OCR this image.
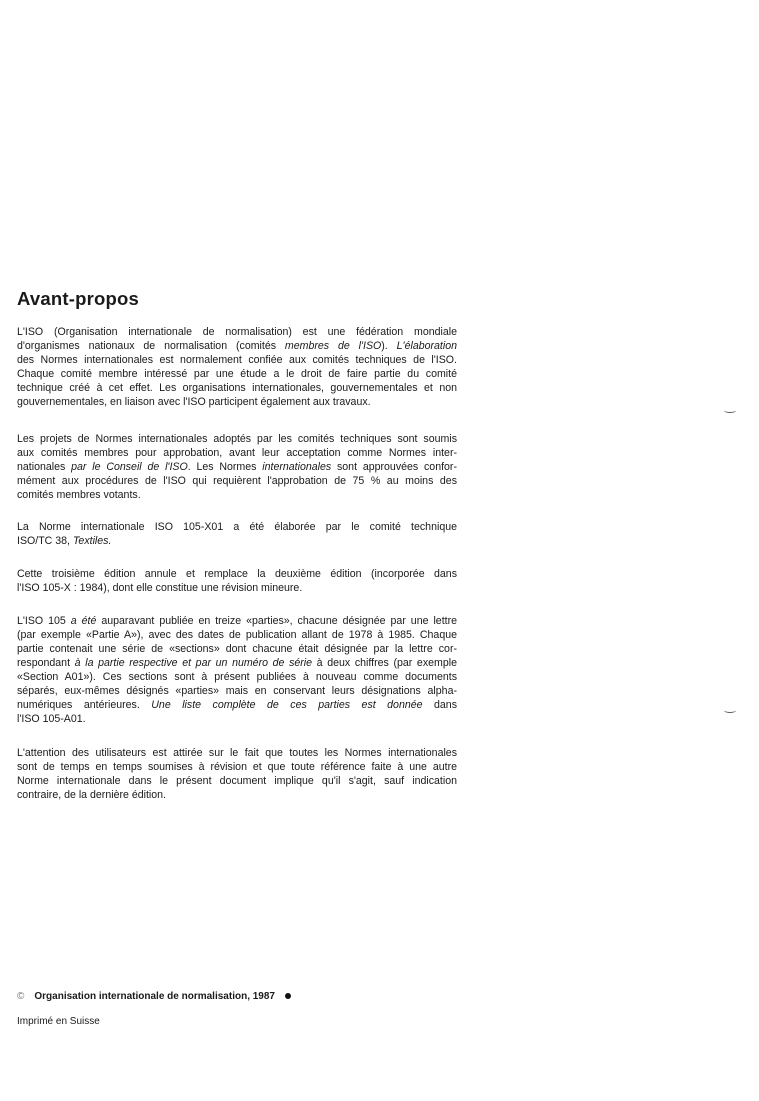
Avant-propos
L'ISO (Organisation internationale de normalisation) est une fédération mondiale
d'organismes nationaux de normalisation (comités membres de l'ISO). L'élaboration
des Normes internationales est normalement confiée aux comités techniques de l'ISO.
Chaque comité membre intéressé par une étude a le droit de faire partie du comité
technique créé à cet effet. Les organisations internationales, gouvernementales et non
gouvernementales, en liaison avec l'ISO participent également aux travaux.
Les projets de Normes internationales adoptés par les comités techniques sont soumis
aux comités membres pour approbation, avant leur acceptation comme Normes inter-
nationales par le Conseil de l'ISO. Les Normes internationales sont approuvées confor-
mément aux procédures de l'ISO qui requièrent l'approbation de 75 % au moins des
comités membres votants.
La Norme internationale ISO 105-X01 a été élaborée par le comité technique
ISO/TC 38, Textiles.
Cette troisième édition annule et remplace la deuxième édition (incorporée dans
l'ISO 105-X : 1984), dont elle constitue une révision mineure.
L'ISO 105 a été auparavant publiée en treize «parties», chacune désignée par une lettre
(par exemple «Partie A»), avec des dates de publication allant de 1978 à 1985. Chaque
partie contenait une série de «sections» dont chacune était désignée par la lettre cor-
respondant à la partie respective et par un numéro de série à deux chiffres (par exemple
«Section A01»). Ces sections sont à présent publiées à nouveau comme documents
séparés, eux-mêmes désignés «parties» mais en conservant leurs désignations alpha-
numériques antérieures. Une liste complète de ces parties est donnée dans
l'ISO 105-A01.
L'attention des utilisateurs est attirée sur le fait que toutes les Normes internationales
sont de temps en temps soumises à révision et que toute référence faite à une autre
Norme internationale dans le présent document implique qu'il s'agit, sauf indication
contraire, de la dernière édition.
© Organisation internationale de normalisation, 1987
Imprimé en Suisse
